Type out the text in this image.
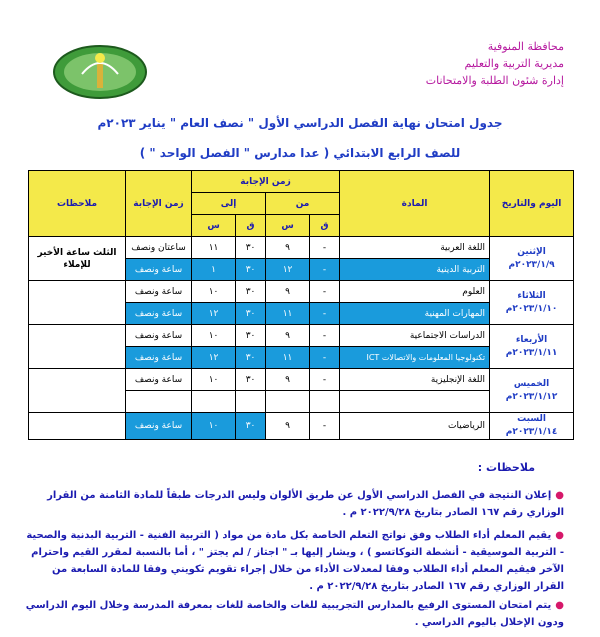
محافظة المنوفية
مديرية التربية والتعليم
إدارة شئون الطلبة والامتحانات
جدول امتحان نهاية الفصل الدراسي الأول " نصف العام " يناير ٢٠٢٣م
للصف الرابع الابتدائي ( عدا مدارس " الفصل الواحد " )
اليوم والتاريخ	المادة	زمن الإجابة				زمن الإجابة	ملاحظات
		من		إلى			
		ق	س	ق	س		

الإثنين
٢٠٢٣/١/٩م	اللغة العربية	-	٩	٣٠	١١	ساعتان ونصف	الثلث ساعة الأخير للإملاء
	التربية الدينية	-	١٢	٣٠	١	ساعة ونصف	

الثلاثاء
٢٠٢٣/١/١٠م	العلوم	-	٩	٣٠	١٠	ساعة ونصف	
	المهارات المهنية	-	١١	٣٠	١٢	ساعة ونصف	

الأربعاء
٢٠٢٣/١/١١م	الدراسات الاجتماعية	-	٩	٣٠	١٠	ساعة ونصف	
	تكنولوجيا المعلومات والاتصالات ICT	-	١١	٣٠	١٢	ساعة ونصف	

الخميس
٢٠٢٣/١/١٢م	اللغة الإنجليزية	-	٩	٣٠	١٠	ساعة ونصف	

السبت
٢٠٢٣/١/١٤م	الرياضيات	-	٩	٣٠	١٠	ساعة ونصف	

ملاحظات :
●إعلان النتيجة في الفصل الدراسي الأول عن طريق الألوان وليس الدرجات طبقاً للمادة الثامنة من القرار الوزاري رقم ١٦٧ الصادر بتاريخ ٢٠٢٢/٩/٢٨ م .
●يقيم المعلم أداء الطلاب وفق نواتج التعلم الخاصة بكل مادة من مواد ( التربية الفنية - التربية البدنية والصحية - التربية الموسيقية - أنشطة التوكاتسو ) ، ويشار إليها بـ " اجتاز / لم يجتز " ، أما بالنسبة لمقرر القيم واحترام الآخر فيقيم المعلم أداء الطلاب وفقا لمعدلات الأداء من خلال إجراء تقويم تكويني وفقا للمادة السابعة من القرار الوزاري رقم ١٦٧ الصادر بتاريخ ٢٠٢٢/٩/٢٨ م .
●يتم امتحان المستوى الرفيع بالمدارس التجريبية للغات والخاصة للغات بمعرفة المدرسة وخلال اليوم الدراسي ودون الإخلال باليوم الدراسي .
